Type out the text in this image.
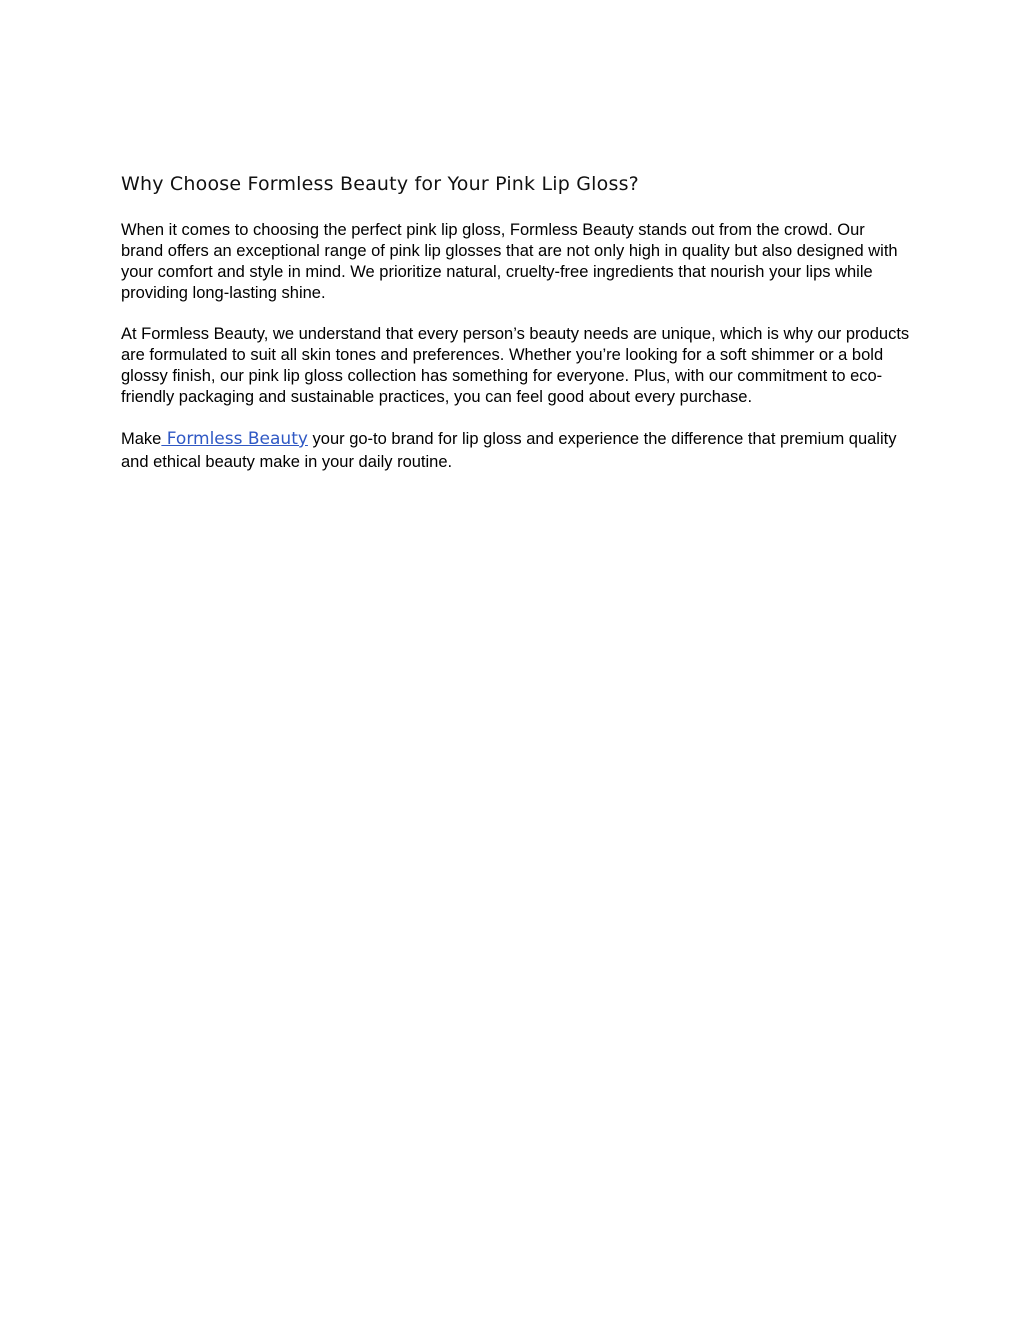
Why Choose Formless Beauty for Your Pink Lip Gloss?

When it comes to choosing the perfect pink lip gloss, Formless Beauty stands out from the crowd. Our brand offers an exceptional range of pink lip glosses that are not only high in quality but also designed with your comfort and style in mind. We prioritize natural, cruelty-free ingredients that nourish your lips while providing long-lasting shine.

At Formless Beauty, we understand that every person’s beauty needs are unique, which is why our products are formulated to suit all skin tones and preferences. Whether you’re looking for a soft shimmer or a bold glossy finish, our pink lip gloss collection has something for everyone. Plus, with our commitment to eco-friendly packaging and sustainable practices, you can feel good about every purchase.

Make Formless Beauty your go-to brand for lip gloss and experience the difference that premium quality and ethical beauty make in your daily routine.
